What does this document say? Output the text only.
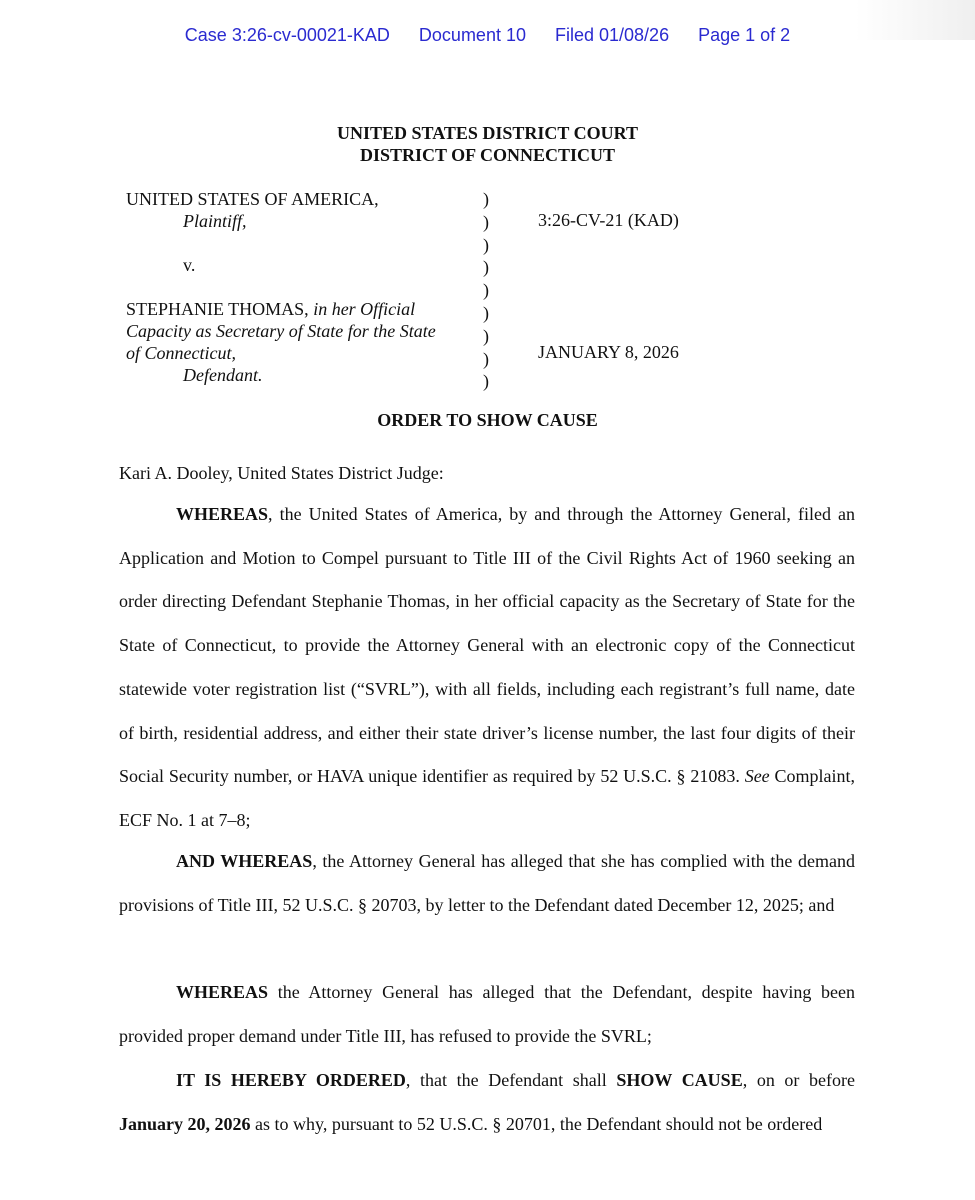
Case 3:26-cv-00021-KAD Document 10 Filed 01/08/26 Page 1 of 2
UNITED STATES DISTRICT COURT
DISTRICT OF CONNECTICUT
UNITED STATES OF AMERICA,
Plaintiff,
v.
STEPHANIE THOMAS, in her Official
Capacity as Secretary of State for the State
of Connecticut,
Defendant.
)
)
)
)
)
)
)
)
)
3:26-CV-21 (KAD)
JANUARY 8, 2026
ORDER TO SHOW CAUSE
Kari A. Dooley, United States District Judge:
WHEREAS, the United States of America, by and through the Attorney General, filed an Application and Motion to Compel pursuant to Title III of the Civil Rights Act of 1960 seeking an order directing Defendant Stephanie Thomas, in her official capacity as the Secretary of State for the State of Connecticut, to provide the Attorney General with an electronic copy of the Connecticut statewide voter registration list (“SVRL”), with all fields, including each registrant’s full name, date of birth, residential address, and either their state driver’s license number, the last four digits of their Social Security number, or HAVA unique identifier as required by 52 U.S.C. § 21083. See Complaint, ECF No. 1 at 7–8;
AND WHEREAS, the Attorney General has alleged that she has complied with the demand provisions of Title III, 52 U.S.C. § 20703, by letter to the Defendant dated December 12, 2025; and
WHEREAS the Attorney General has alleged that the Defendant, despite having been provided proper demand under Title III, has refused to provide the SVRL;
IT IS HEREBY ORDERED, that the Defendant shall SHOW CAUSE, on or before January 20, 2026 as to why, pursuant to 52 U.S.C. § 20701, the Defendant should not be ordered
